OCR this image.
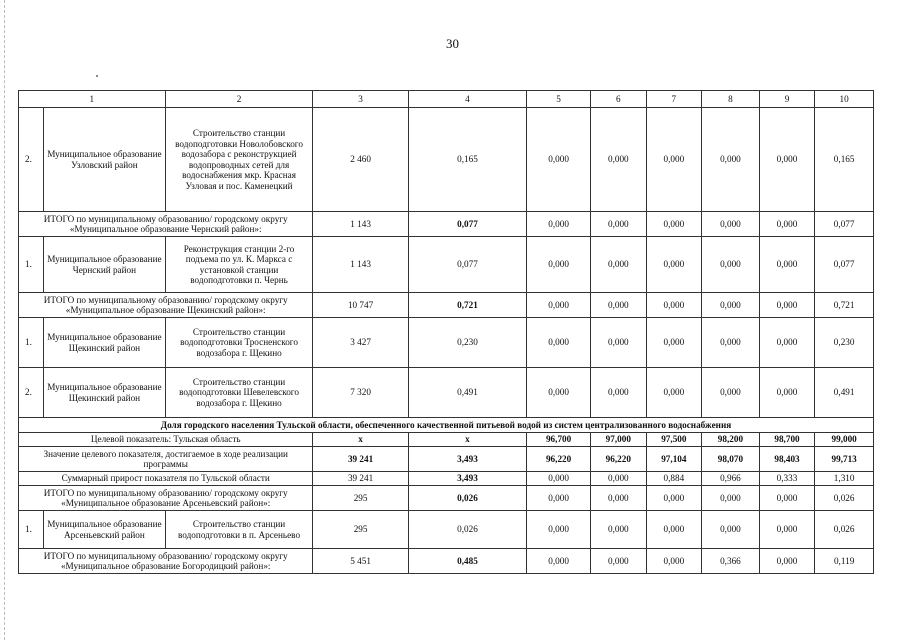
30
1		2	3	4	5	6	7	8	9	10
2.	Муниципальное образование Узловский район	Строительство станции водоподготовки Новолобовского водозабора с реконструкцией водопроводных сетей для водоснабжения мкр. Красная Узловая и пос. Каменецкий	2 460	0,165	0,000	0,000	0,000	0,000	0,000	0,165
ИТОГО по муниципальному образованию/ городскому округу «Муниципальное образование Чернский район»:			1 143	0,077	0,000	0,000	0,000	0,000	0,000	0,077
1.	Муниципальное образование Чернский район	Реконструкция станции 2-го подъема по ул. К. Маркса с установкой станции водоподготовки п. Чернь	1 143	0,077	0,000	0,000	0,000	0,000	0,000	0,077
ИТОГО по муниципальному образованию/ городскому округу «Муниципальное образование Щекинский район»:			10 747	0,721	0,000	0,000	0,000	0,000	0,000	0,721
1.	Муниципальное образование Щекинский район	Строительство станции водоподготовки Тросненского водозабора г. Щекино	3 427	0,230	0,000	0,000	0,000	0,000	0,000	0,230
2.	Муниципальное образование Щекинский район	Строительство станции водоподготовки Шевелевского водозабора г. Щекино	7 320	0,491	0,000	0,000	0,000	0,000	0,000	0,491
Доля городского населения Тульской области, обеспеченного качественной питьевой водой из систем централизованного водоснабжения										
Целевой показатель: Тульская область			х	х	96,700	97,000	97,500	98,200	98,700	99,000
Значение целевого показателя, достигаемое в ходе реализации программы			39 241	3,493	96,220	96,220	97,104	98,070	98,403	99,713
Суммарный прирост показателя по Тульской области			39 241	3,493	0,000	0,000	0,884	0,966	0,333	1,310
ИТОГО по муниципальному образованию/ городскому округу «Муниципальное образование Арсеньевский район»:			295	0,026	0,000	0,000	0,000	0,000	0,000	0,026
1.	Муниципальное образование Арсеньевский район	Строительство станции водоподготовки в п. Арсеньево	295	0,026	0,000	0,000	0,000	0,000	0,000	0,026
ИТОГО по муниципальному образованию/ городскому округу «Муниципальное образование Богородицкий район»:			5 451	0,485	0,000	0,000	0,000	0,366	0,000	0,119
